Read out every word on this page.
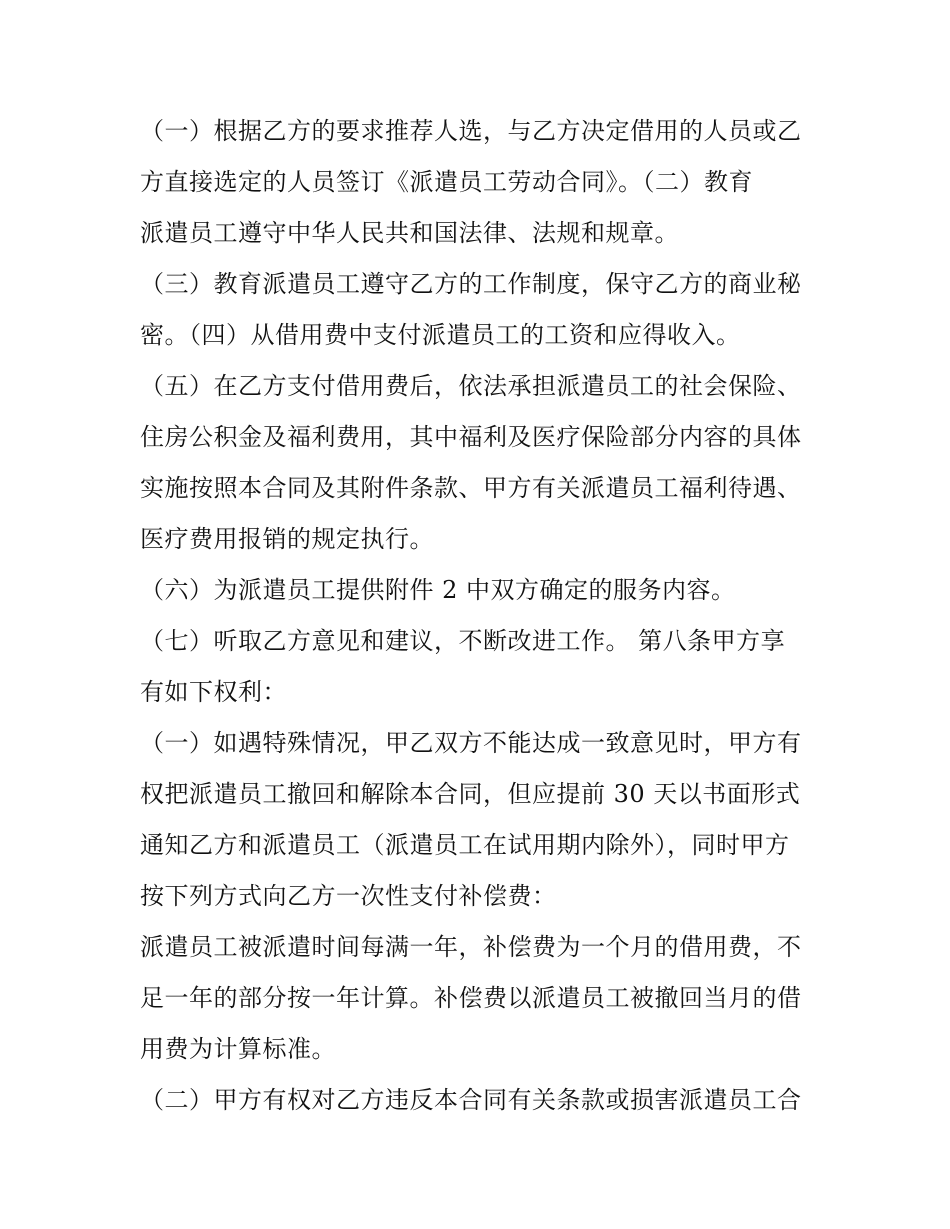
（一）根据乙方的要求推荐人选，与乙方决定借用的人员或乙
方直接选定的人员签订《派遣员工劳动合同》。（二）教育
派遣员工遵守中华人民共和国法律、法规和规章。
（三）教育派遣员工遵守乙方的工作制度，保守乙方的商业秘
密。（四）从借用费中支付派遣员工的工资和应得收入。
（五）在乙方支付借用费后，依法承担派遣员工的社会保险、
住房公积金及福利费用，其中福利及医疗保险部分内容的具体
实施按照本合同及其附件条款、甲方有关派遣员工福利待遇、
医疗费用报销的规定执行。
（六）为派遣员工提供附件 2 中双方确定的服务内容。
（七）听取乙方意见和建议，不断改进工作。 第八条甲方享
有如下权利：
（一）如遇特殊情况，甲乙双方不能达成一致意见时，甲方有
权把派遣员工撤回和解除本合同，但应提前 30 天以书面形式
通知乙方和派遣员工（派遣员工在试用期内除外），同时甲方
按下列方式向乙方一次性支付补偿费：
派遣员工被派遣时间每满一年，补偿费为一个月的借用费，不
足一年的部分按一年计算。补偿费以派遣员工被撤回当月的借
用费为计算标准。
（二）甲方有权对乙方违反本合同有关条款或损害派遣员工合
